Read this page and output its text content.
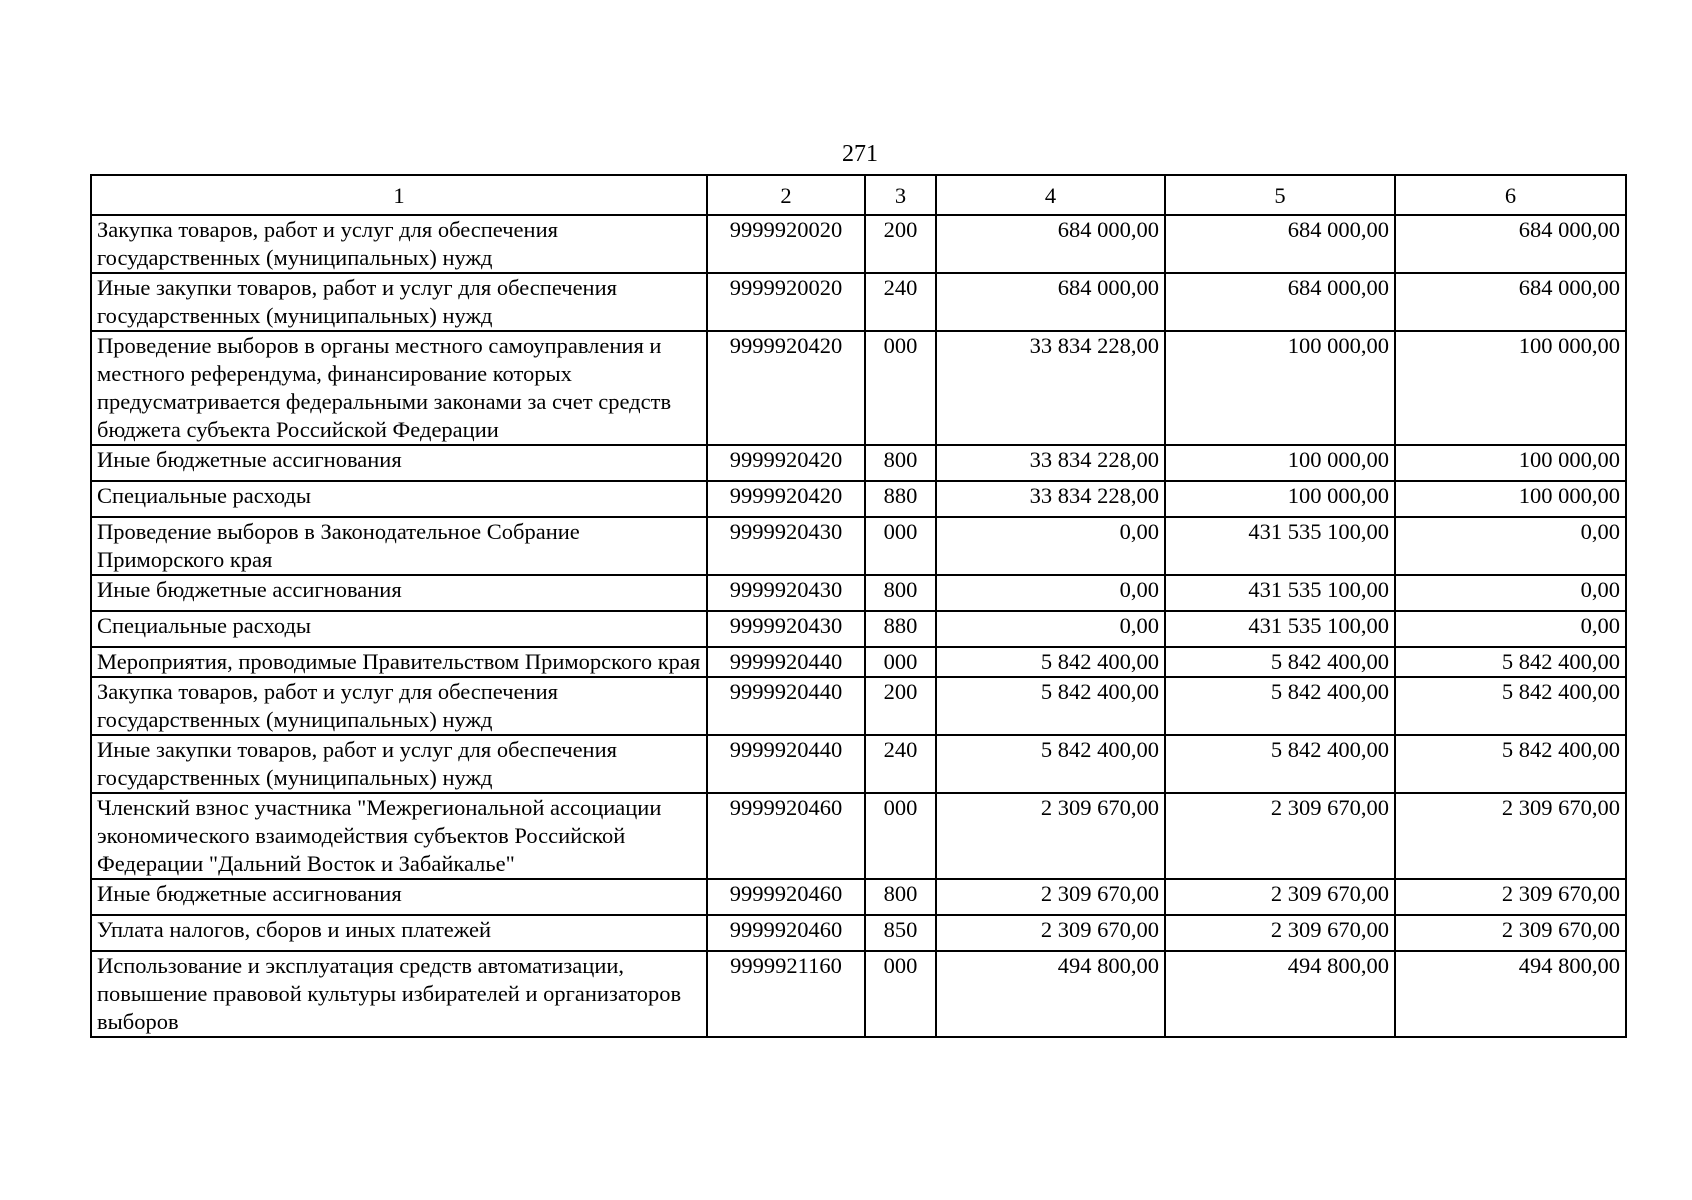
271
1	2	3	4	5	6
Закупка товаров, работ и услуг для обеспечения государственных (муниципальных) нужд	9999920020	200	684 000,00	684 000,00	684 000,00
Иные закупки товаров, работ и услуг для обеспечения государственных (муниципальных) нужд	9999920020	240	684 000,00	684 000,00	684 000,00
Проведение выборов в органы местного самоуправления и местного референдума, финансирование которых предусматривается федеральными законами за счет средств бюджета субъекта Российской Федерации	9999920420	000	33 834 228,00	100 000,00	100 000,00
Иные бюджетные ассигнования	9999920420	800	33 834 228,00	100 000,00	100 000,00
Специальные расходы	9999920420	880	33 834 228,00	100 000,00	100 000,00
Проведение выборов в Законодательное Собрание Приморского края	9999920430	000	0,00	431 535 100,00	0,00
Иные бюджетные ассигнования	9999920430	800	0,00	431 535 100,00	0,00
Специальные расходы	9999920430	880	0,00	431 535 100,00	0,00
Мероприятия, проводимые Правительством Приморского края	9999920440	000	5 842 400,00	5 842 400,00	5 842 400,00
Закупка товаров, работ и услуг для обеспечения государственных (муниципальных) нужд	9999920440	200	5 842 400,00	5 842 400,00	5 842 400,00
Иные закупки товаров, работ и услуг для обеспечения государственных (муниципальных) нужд	9999920440	240	5 842 400,00	5 842 400,00	5 842 400,00
Членский взнос участника "Межрегиональной ассоциации экономического взаимодействия субъектов Российской Федерации "Дальний Восток и Забайкалье"	9999920460	000	2 309 670,00	2 309 670,00	2 309 670,00
Иные бюджетные ассигнования	9999920460	800	2 309 670,00	2 309 670,00	2 309 670,00
Уплата налогов, сборов и иных платежей	9999920460	850	2 309 670,00	2 309 670,00	2 309 670,00
Использование и эксплуатация средств автоматизации, повышение правовой культуры избирателей и организаторов выборов	9999921160	000	494 800,00	494 800,00	494 800,00
